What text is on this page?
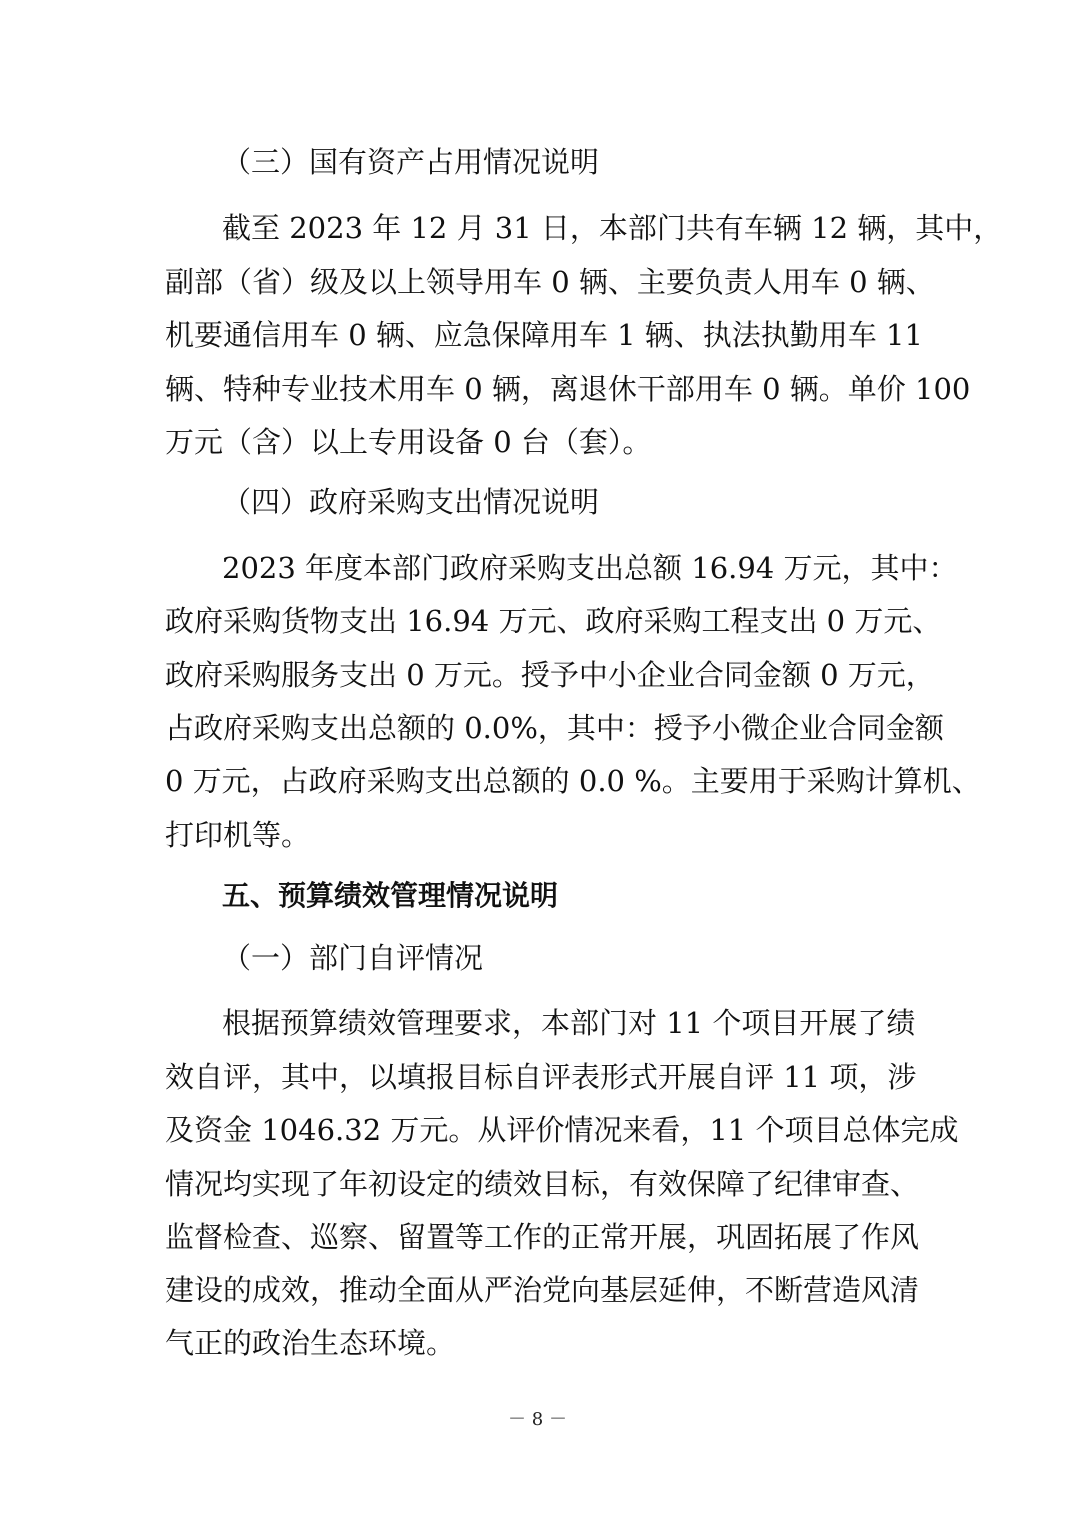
（三）国有资产占用情况说明
截至 2023 年 12 月 31 日，本部门共有车辆 12 辆，其中，
副部（省）级及以上领导用车 0 辆、主要负责人用车 0 辆、
机要通信用车 0 辆、应急保障用车 1 辆、执法执勤用车 11
辆、特种专业技术用车 0 辆，离退休干部用车 0 辆。单价 100
万元（含）以上专用设备 0 台（套）。
（四）政府采购支出情况说明
2023 年度本部门政府采购支出总额 16.94 万元，其中：
政府采购货物支出 16.94 万元、政府采购工程支出 0 万元、
政府采购服务支出 0 万元。授予中小企业合同金额 0 万元，
占政府采购支出总额的 0.0%，其中：授予小微企业合同金额
0 万元，占政府采购支出总额的 0.0 %。主要用于采购计算机、
打印机等。
五、预算绩效管理情况说明
（一）部门自评情况
根据预算绩效管理要求，本部门对 11 个项目开展了绩
效自评，其中，以填报目标自评表形式开展自评 11 项，涉
及资金 1046.32 万元。从评价情况来看，11 个项目总体完成
情况均实现了年初设定的绩效目标，有效保障了纪律审查、
监督检查、巡察、留置等工作的正常开展，巩固拓展了作风
建设的成效，推动全面从严治党向基层延伸，不断营造风清
气正的政治生态环境。
－ 8 －
